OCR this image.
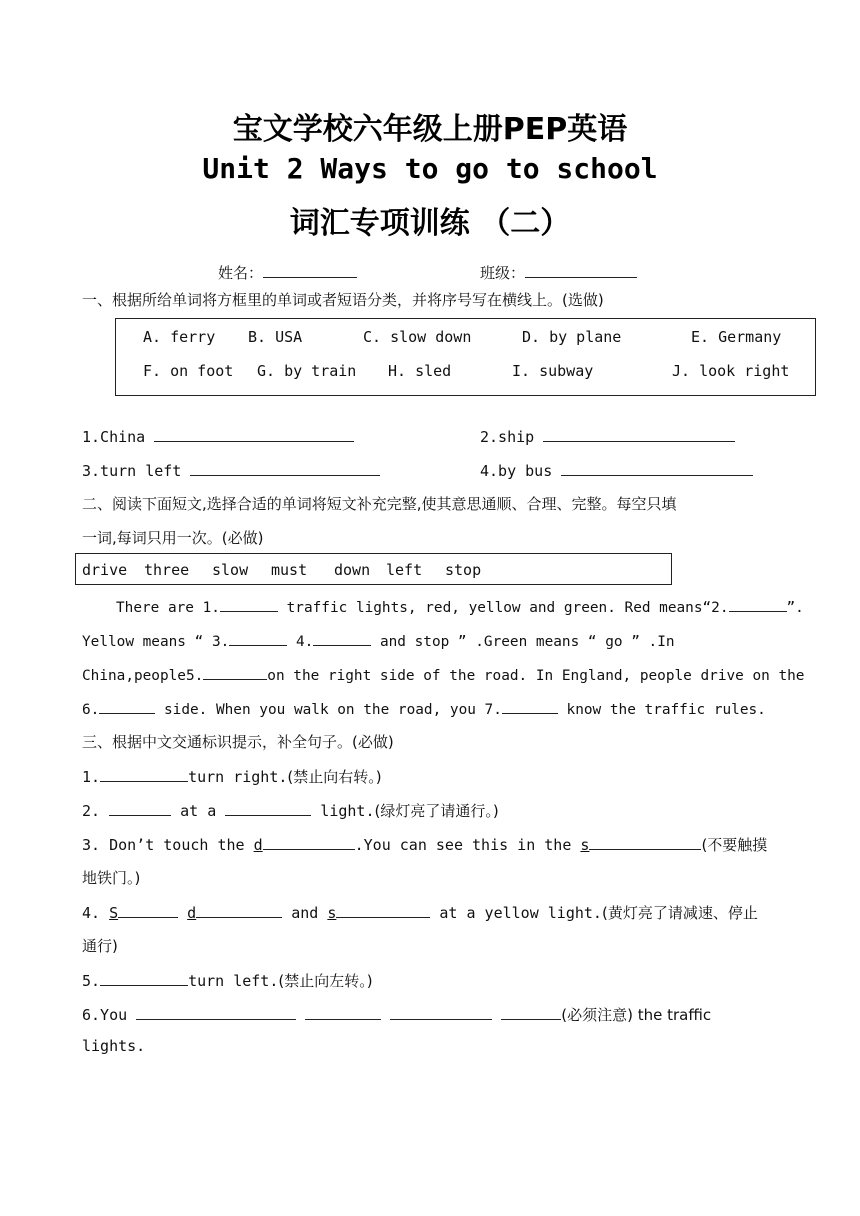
宝文学校六年级上册PEP英语
Unit 2 Ways to go to school
词汇专项训练 （二）
姓名：	班级：
一、根据所给单词将方框里的单词或者短语分类，并将序号写在横线上。(选做)
A. ferry B. USA	C. slow down	D. by plane	E. Germany
F. on foot G. by train H. sled	I. subway	J. look right
1.China	2.ship
3.turn left	4.by bus
二、阅读下面短文,选择合适的单词将短文补充完整,使其意思通顺、合理、完整。每空只填
一词,每词只用一次。(必做)
drive three slow must down left stop
There are 1.	traffic lights, red, yellow and green. Red means“2.	”.
Yellow means “ 3.	4.	and stop ” .Green means “ go ” .In
China,people5.	on the right side of the road. In England, people drive on the
6.	side. When you walk on the road, you 7.	know the traffic rules.
三、根据中文交通标识提示，补全句子。(必做)
1.	turn right.(禁止向右转。)
2.	at a	light.(绿灯亮了请通行。)
3. Don’t touch the d	.You can see this in the s	(不要触摸
地铁门。)
4. S	d	and s	at a yellow light.(黄灯亮了请减速、停止
通行)
5.	turn left.(禁止向左转。)
6.You	(必须注意) the traffic
lights.
